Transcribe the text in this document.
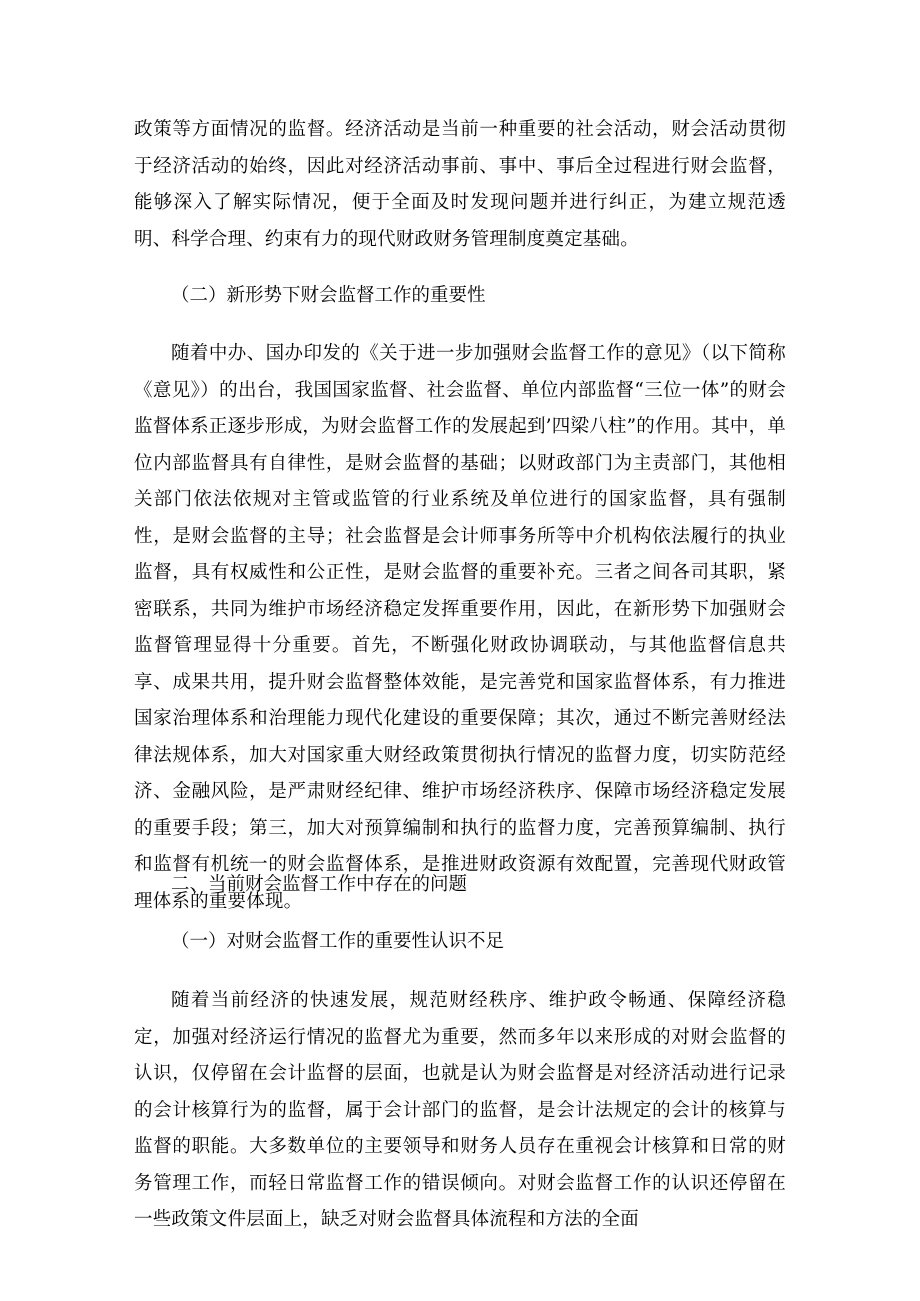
政策等方面情况的监督。经济活动是当前一种重要的社会活动，财会活动贯彻于经济活动的始终，因此对经济活动事前、事中、事后全过程进行财会监督，能够深入了解实际情况，便于全面及时发现问题并进行纠正，为建立规范透明、科学合理、约束有力的现代财政财务管理制度奠定基础。

（二）新形势下财会监督工作的重要性

随着中办、国办印发的《关于进一步加强财会监督工作的意见》（以下简称《意见》）的出台，我国国家监督、社会监督、单位内部监督“三位一体”的财会监督体系正逐步形成，为财会监督工作的发展起到’四梁八柱”的作用。其中，单位内部监督具有自律性，是财会监督的基础；以财政部门为主责部门，其他相关部门依法依规对主管或监管的行业系统及单位进行的国家监督，具有强制性，是财会监督的主导；社会监督是会计师事务所等中介机构依法履行的执业监督，具有权威性和公正性，是财会监督的重要补充。三者之间各司其职，紧密联系，共同为维护市场经济稳定发挥重要作用，因此，在新形势下加强财会监督管理显得十分重要。首先，不断强化财政协调联动，与其他监督信息共享、成果共用，提升财会监督整体效能，是完善党和国家监督体系，有力推进国家治理体系和治理能力现代化建设的重要保障；其次，通过不断完善财经法律法规体系，加大对国家重大财经政策贯彻执行情况的监督力度，切实防范经济、金融风险，是严肃财经纪律、维护市场经济秩序、保障市场经济稳定发展的重要手段；第三，加大对预算编制和执行的监督力度，完善预算编制、执行和监督有机统一的财会监督体系，是推进财政资源有效配置，完善现代财政管理体系的重要体现。

二、当前财会监督工作中存在的问题

（一）对财会监督工作的重要性认识不足

随着当前经济的快速发展，规范财经秩序、维护政令畅通、保障经济稳定，加强对经济运行情况的监督尤为重要，然而多年以来形成的对财会监督的认识，仅停留在会计监督的层面，也就是认为财会监督是对经济活动进行记录的会计核算行为的监督，属于会计部门的监督，是会计法规定的会计的核算与监督的职能。大多数单位的主要领导和财务人员存在重视会计核算和日常的财务管理工作，而轻日常监督工作的错误倾向。对财会监督工作的认识还停留在一些政策文件层面上，缺乏对财会监督具体流程和方法的全面
